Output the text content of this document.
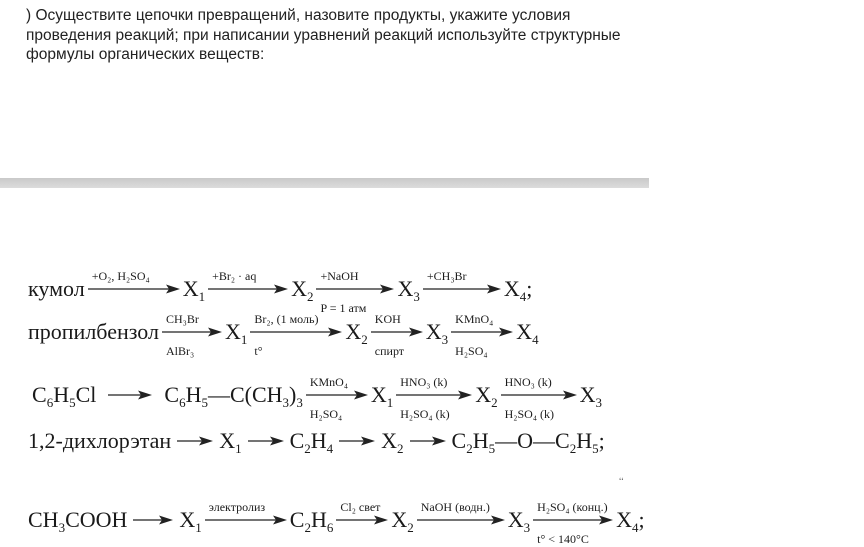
) Осуществите цепочки превращений, назовите продукты, укажите условия проведения реакций; при написании уравнений реакций используйте структурные формулы органических веществ:

кумол +O₂, H₂SO₄	$X_1$
+Br₂ · aq	$X_2$
+NaOH
P = 1 атм
$X_3$
+CH₃Br	$X_4$;
пропилбензол CH₃Br
AlBr₃
$X_1$
Br₂, (1 моль)
t°
$X_2$
KOH
спирт
$X_3$
KMnO₄
H₂SO₄
$X_4$
$C_6H_5Cl$ → $C_6H_5—C(CH_3)_3$
KMnO₄
H₂SO₄
$X_1$
HNO₃ (k)
H₂SO₄ (k)
$X_2$
HNO₃ (k)
H₂SO₄ (k)
$X_3$
1,2-дихлорэтан → $X_1 \to C_2H_4 \to X_2$ → $C_2H_5—O—C_2H_5$;
ʻʻ
$CH_3COOH \to X_1$
электролиз	$C_2H_6$
Cl₂ свет $X_2$
NaOH (водн.) $X_3$
H₂SO₄ (конц.)
t° < 140°C
$X_4$;
